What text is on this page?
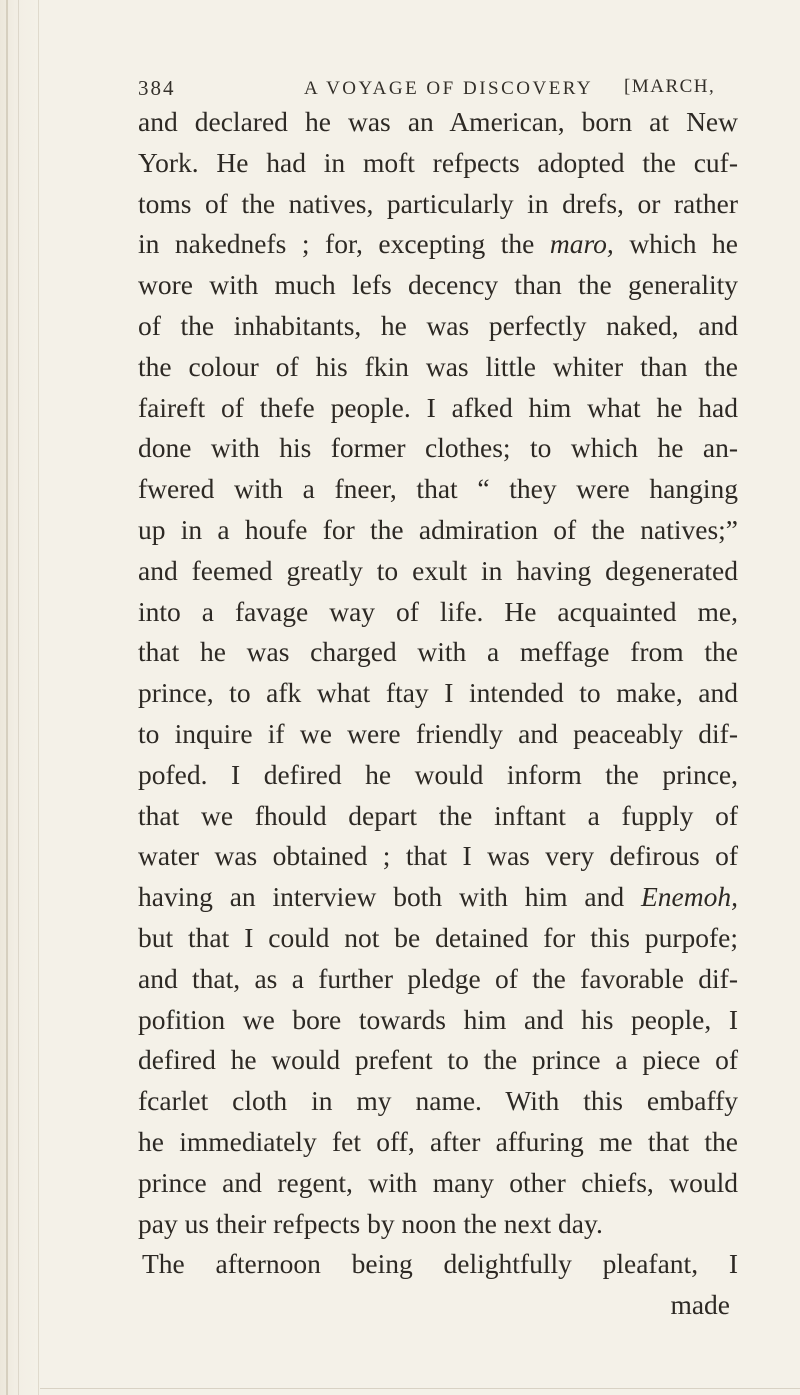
384	A VOYAGE OF DISCOVERY [MARCH,
and declared he was an American, born at New
York. He had in moft refpects adopted the cuf-
toms of the natives, particularly in drefs, or rather
in nakednefs ; for, excepting the maro, which he
wore with much lefs decency than the generality
of the inhabitants, he was perfectly naked, and
the colour of his fkin was little whiter than the
faireft of thefe people. I afked him what he had
done with his former clothes; to which he an-
fwered with a fneer, that “ they were hanging
up in a houfe for the admiration of the natives;”
and feemed greatly to exult in having degenerated
into a favage way of life. He acquainted me,
that he was charged with a meffage from the
prince, to afk what ftay I intended to make, and
to inquire if we were friendly and peaceably dif-
pofed. I defired he would inform the prince,
that we fhould depart the inftant a fupply of
water was obtained ; that I was very defirous of
having an interview both with him and Enemoh,
but that I could not be detained for this purpofe;
and that, as a further pledge of the favorable dif-
pofition we bore towards him and his people, I
defired he would prefent to the prince a piece of
fcarlet cloth in my name. With this embaffy
he immediately fet off, after affuring me that the
prince and regent, with many other chiefs, would
pay us their refpects by noon the next day.
The afternoon being delightfully pleafant, I
made
